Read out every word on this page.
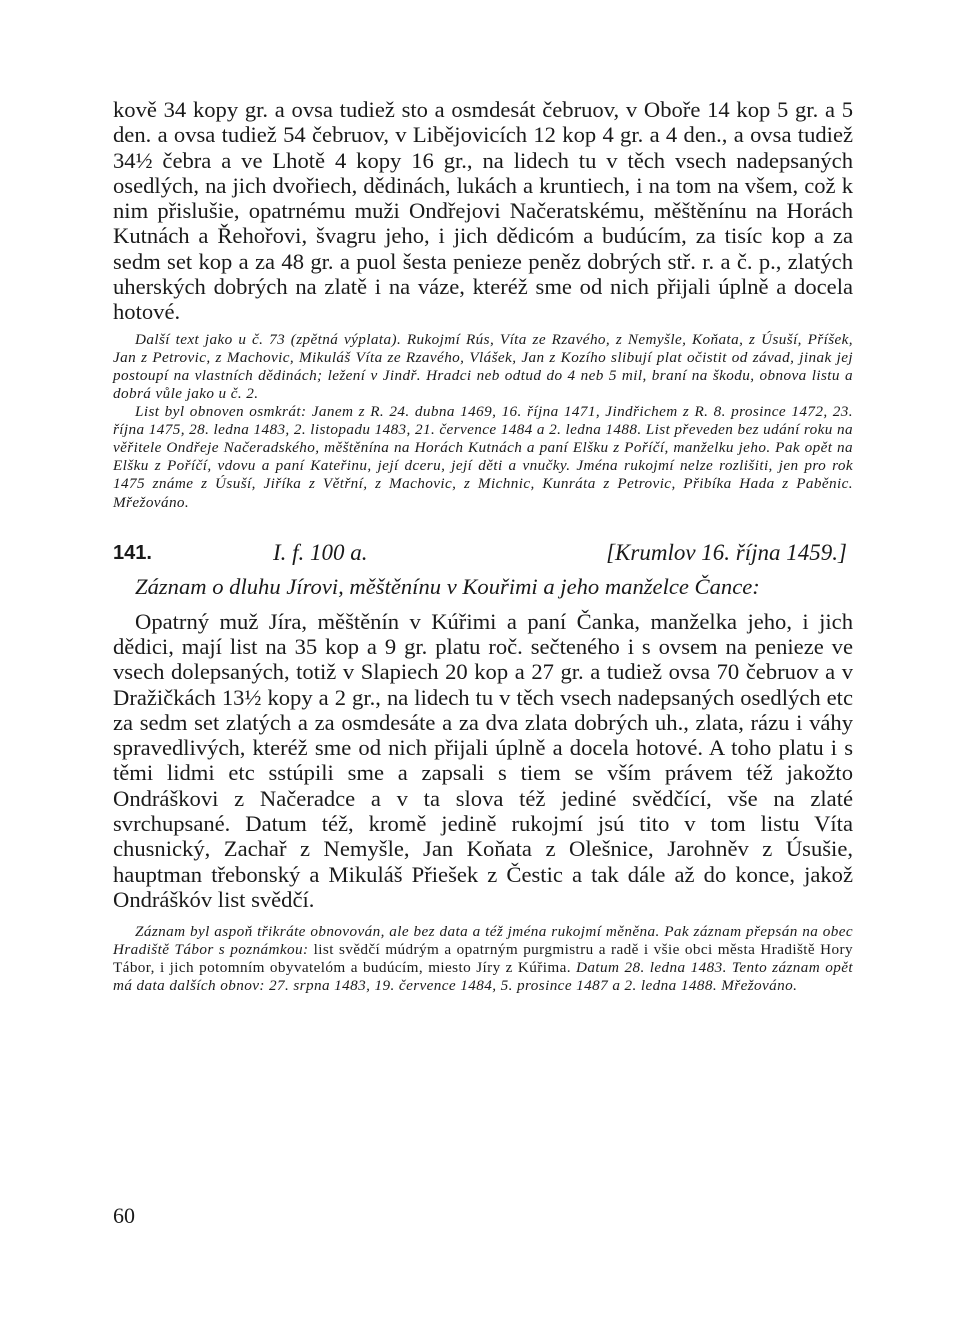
kově 34 kopy gr. a ovsa tudiež sto a osmdesát čebruov, v Oboře 14 kop 5 gr. a 5 den. a ovsa tudiež 54 čebruov, v Libějovicích 12 kop 4 gr. a 4 den., a ovsa tudiež 34½ čebra a ve Lhotě 4 kopy 16 gr., na lidech tu v těch vsech nadepsaných osedlých, na jich dvořiech, dědinách, lukách a kruntiech, i na tom na všem, což k nim přislušie, opatrnému muži Ondřejovi Načeratskému, měštěnínu na Horách Kutnách a Řehořovi, švagru jeho, i jich dědicóm a budúcím, za tisíc kop a za sedm set kop a za 48 gr. a puol šesta penieze peněz dobrých stř. r. a č. p., zlatých uherských dobrých na zlatě i na váze, kteréž sme od nich přijali úplně a docela hotové.

Další text jako u č. 73 (zpětná výplata). Rukojmí Rús, Víta ze Rzavého, z Nemyšle, Koňata, z Úsuší, Příšek, Jan z Petrovic, z Machovic, Mikuláš Víta ze Rzavého, Vlášek, Jan z Kozího slibují plat očistit od závad, jinak jej postoupí na vlastních dědinách; ležení v Jindř. Hradci neb odtud do 4 neb 5 mil, braní na škodu, obnova listu a dobrá vůle jako u č. 2.

List byl obnoven osmkrát: Janem z R. 24. dubna 1469, 16. října 1471, Jindřichem z R. 8. prosince 1472, 23. října 1475, 28. ledna 1483, 2. listopadu 1483, 21. července 1484 a 2. ledna 1488. List převeden bez udání roku na věřitele Ondřeje Načeradského, měštěnína na Horách Kutnách a paní Elšku z Poříčí, manželku jeho. Pak opět na Elšku z Poříčí, vdovu a paní Kateřinu, její dceru, její děti a vnučky. Jména rukojmí nelze rozlišiti, jen pro rok 1475 známe z Úsuší, Jiříka z Větřní, z Machovic, z Michnic, Kunráta z Petrovic, Přibíka Hada z Paběnic. Mřežováno.

141.	I. f. 100 a.	[Krumlov 16. října 1459.]

Záznam o dluhu Jírovi, měštěnínu v Kouřimi a jeho manželce Čance:

Opatrný muž Jíra, měštěnín v Kúřimi a paní Čanka, manželka jeho, i jich dědici, mají list na 35 kop a 9 gr. platu roč. sečteného i s ovsem na penieze ve vsech dolepsaných, totiž v Slapiech 20 kop a 27 gr. a tudiež ovsa 70 čebruov a v Dražičkách 13½ kopy a 2 gr., na lidech tu v těch vsech nadepsaných osedlých etc za sedm set zlatých a za osmdesáte a za dva zlata dobrých uh., zlata, rázu i váhy spravedlivých, kteréž sme od nich přijali úplně a docela hotové. A toho platu i s těmi lidmi etc sstúpili sme a zapsali s tiem se vším právem též jakožto Ondráškovi z Načeradce a v ta slova též jediné svědčící, vše na zlaté svrchupsané. Datum též, kromě jedině rukojmí jsú tito v tom listu Víta chusnický, Zachař z Nemyšle, Jan Koňata z Olešnice, Jarohněv z Úsušie, hauptman třebonský a Mikuláš Přiešek z Čestic a tak dále až do konce, jakož Ondráškóv list svědčí.

Záznam byl aspoň třikráte obnovován, ale bez data a též jména rukojmí měněna. Pak záznam přepsán na obec Hradiště Tábor s poznámkou: list svědčí múdrým a opatrným purgmistru a radě i všie obci města Hradiště Hory Tábor, i jich potomním obyvatelóm a budúcím, miesto Jíry z Kúřima. Datum 28. ledna 1483. Tento záznam opět má data dalších obnov: 27. srpna 1483, 19. července 1484, 5. prosince 1487 a 2. ledna 1488. Mřežováno.

60
